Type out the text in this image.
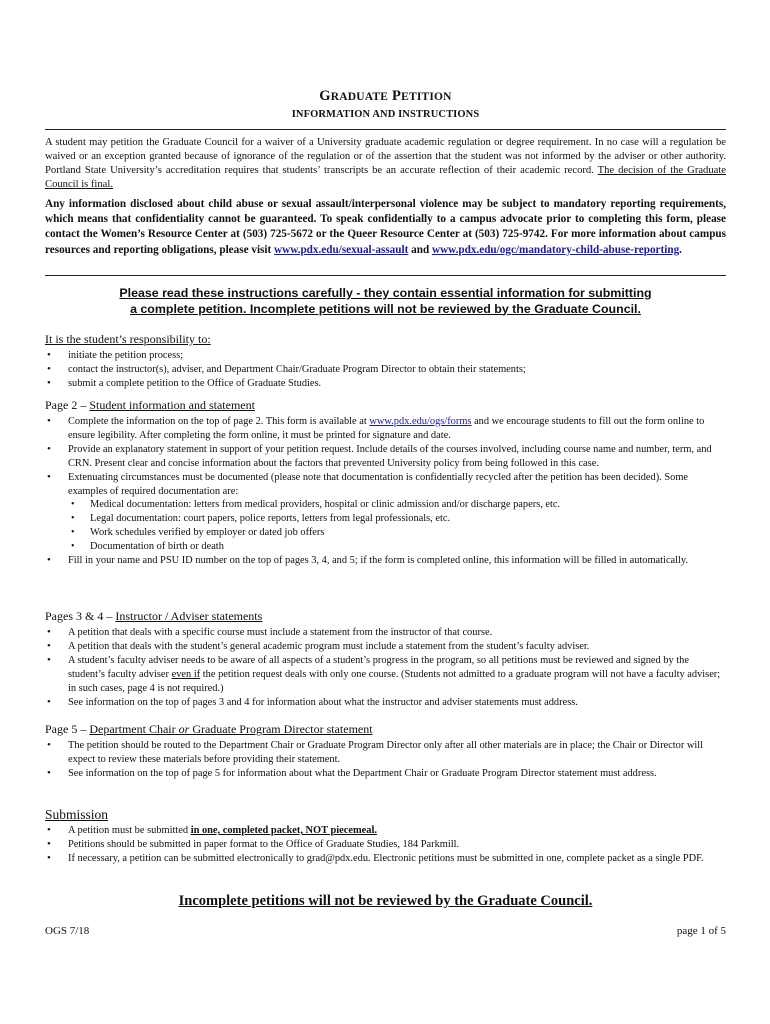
GRADUATE PETITION
INFORMATION AND INSTRUCTIONS
A student may petition the Graduate Council for a waiver of a University graduate academic regulation or degree requirement. In no case will a regulation be waived or an exception granted because of ignorance of the regulation or of the assertion that the student was not informed by the adviser or other authority. Portland State University’s accreditation requires that students’ transcripts be an accurate reflection of their academic record. The decision of the Graduate Council is final.
Any information disclosed about child abuse or sexual assault/interpersonal violence may be subject to mandatory reporting requirements, which means that confidentiality cannot be guaranteed. To speak confidentially to a campus advocate prior to completing this form, please contact the Women’s Resource Center at (503) 725-5672 or the Queer Resource Center at (503) 725-9742. For more information about campus resources and reporting obligations, please visit www.pdx.edu/sexual-assault and www.pdx.edu/ogc/mandatory-child-abuse-reporting.
Please read these instructions carefully - they contain essential information for submitting
a complete petition. Incomplete petitions will not be reviewed by the Graduate Council.
It is the student’s responsibility to:
• initiate the petition process;
• contact the instructor(s), adviser, and Department Chair/Graduate Program Director to obtain their statements;
• submit a complete petition to the Office of Graduate Studies.
Page 2 – Student information and statement
• Complete the information on the top of page 2. This form is available at www.pdx.edu/ogs/forms and we encourage students to fill out the form online to ensure legibility. After completing the form online, it must be printed for signature and date.
• Provide an explanatory statement in support of your petition request. Include details of the courses involved, including course name and number, term, and CRN. Present clear and concise information about the factors that prevented University policy from being followed in this case.
• Extenuating circumstances must be documented (please note that documentation is confidentially recycled after the petition has been decided). Some examples of required documentation are:
• Medical documentation: letters from medical providers, hospital or clinic admission and/or discharge papers, etc.
• Legal documentation: court papers, police reports, letters from legal professionals, etc.
• Work schedules verified by employer or dated job offers
• Documentation of birth or death
• Fill in your name and PSU ID number on the top of pages 3, 4, and 5; if the form is completed online, this information will be filled in automatically.
Pages 3 & 4 – Instructor / Adviser statements
• A petition that deals with a specific course must include a statement from the instructor of that course.
• A petition that deals with the student’s general academic program must include a statement from the student’s faculty adviser.
• A student’s faculty adviser needs to be aware of all aspects of a student’s progress in the program, so all petitions must be reviewed and signed by the student’s faculty adviser even if the petition request deals with only one course. (Students not admitted to a graduate program will not have a faculty adviser; in such cases, page 4 is not required.)
• See information on the top of pages 3 and 4 for information about what the instructor and adviser statements must address.
Page 5 – Department Chair or Graduate Program Director statement
• The petition should be routed to the Department Chair or Graduate Program Director only after all other materials are in place; the Chair or Director will expect to review these materials before providing their statement.
• See information on the top of page 5 for information about what the Department Chair or Graduate Program Director statement must address.
Submission
• A petition must be submitted in one, completed packet, NOT piecemeal.
• Petitions should be submitted in paper format to the Office of Graduate Studies, 184 Parkmill.
• If necessary, a petition can be submitted electronically to grad@pdx.edu. Electronic petitions must be submitted in one, complete packet as a single PDF.
Incomplete petitions will not be reviewed by the Graduate Council.
OGS 7/18	page 1 of 5
